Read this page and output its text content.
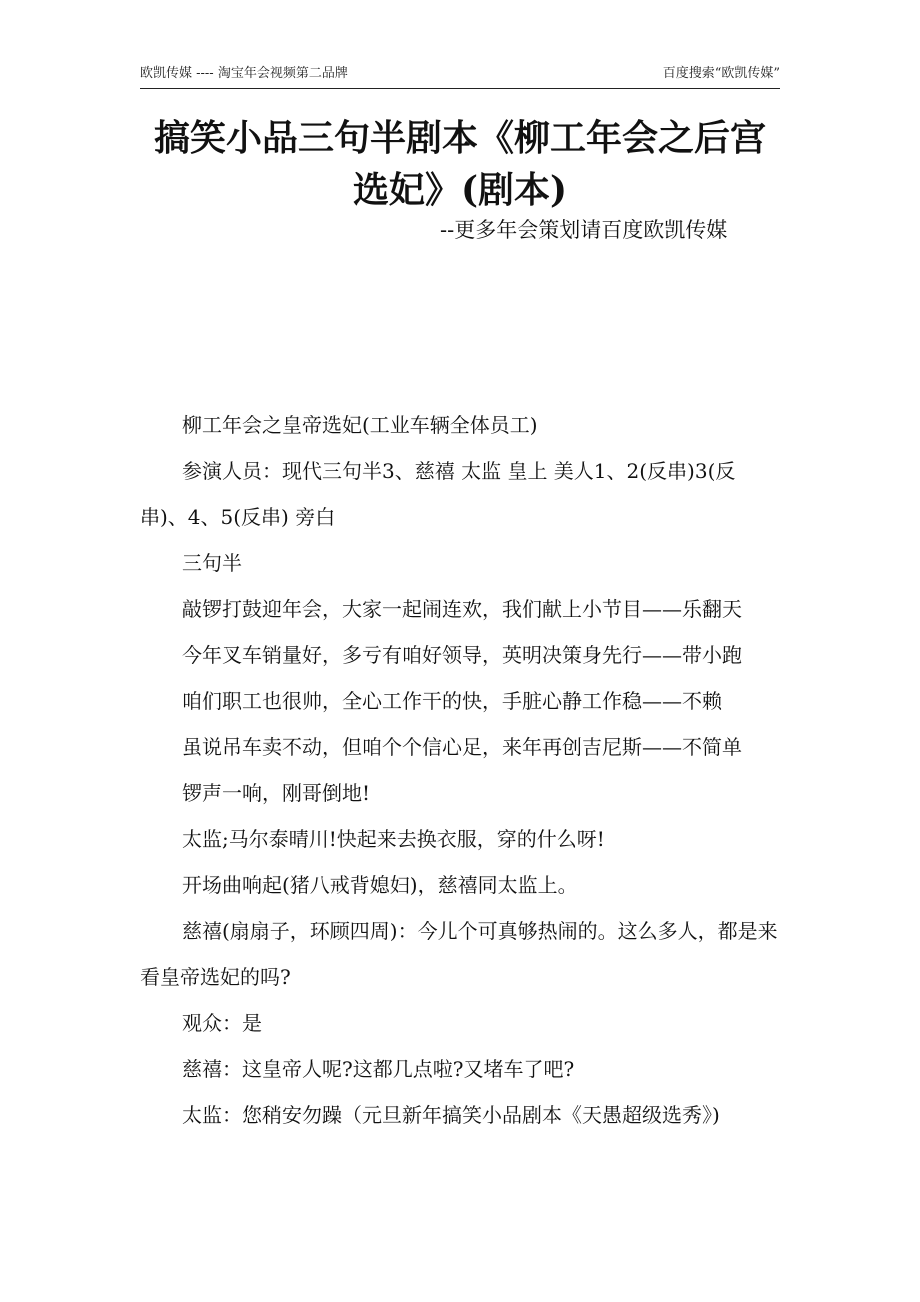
欧凯传媒 ---- 淘宝年会视频第二品牌	百度搜索“欧凯传媒”
搞笑小品三句半剧本《柳工年会之后宫
选妃》(剧本)
--更多年会策划请百度欧凯传媒

柳工年会之皇帝选妃(工业车辆全体员工)

参演人员：现代三句半3、慈禧 太监 皇上 美人1、2(反串)3(反串)、4、5(反串) 旁白

三句半

敲锣打鼓迎年会，大家一起闹连欢，我们献上小节目——乐翻天

今年叉车销量好，多亏有咱好领导，英明决策身先行——带小跑

咱们职工也很帅，全心工作干的快，手脏心静工作稳——不赖

虽说吊车卖不动，但咱个个信心足，来年再创吉尼斯——不简单

锣声一响，刚哥倒地!

太监;马尔泰晴川!快起来去换衣服，穿的什么呀!

开场曲响起(猪八戒背媳妇)，慈禧同太监上。

慈禧(扇扇子，环顾四周)：今儿个可真够热闹的。这么多人，都是来看皇帝选妃的吗?

观众：是

慈禧：这皇帝人呢?这都几点啦?又堵车了吧?

太监：您稍安勿躁（元旦新年搞笑小品剧本《天愚超级选秀》)
